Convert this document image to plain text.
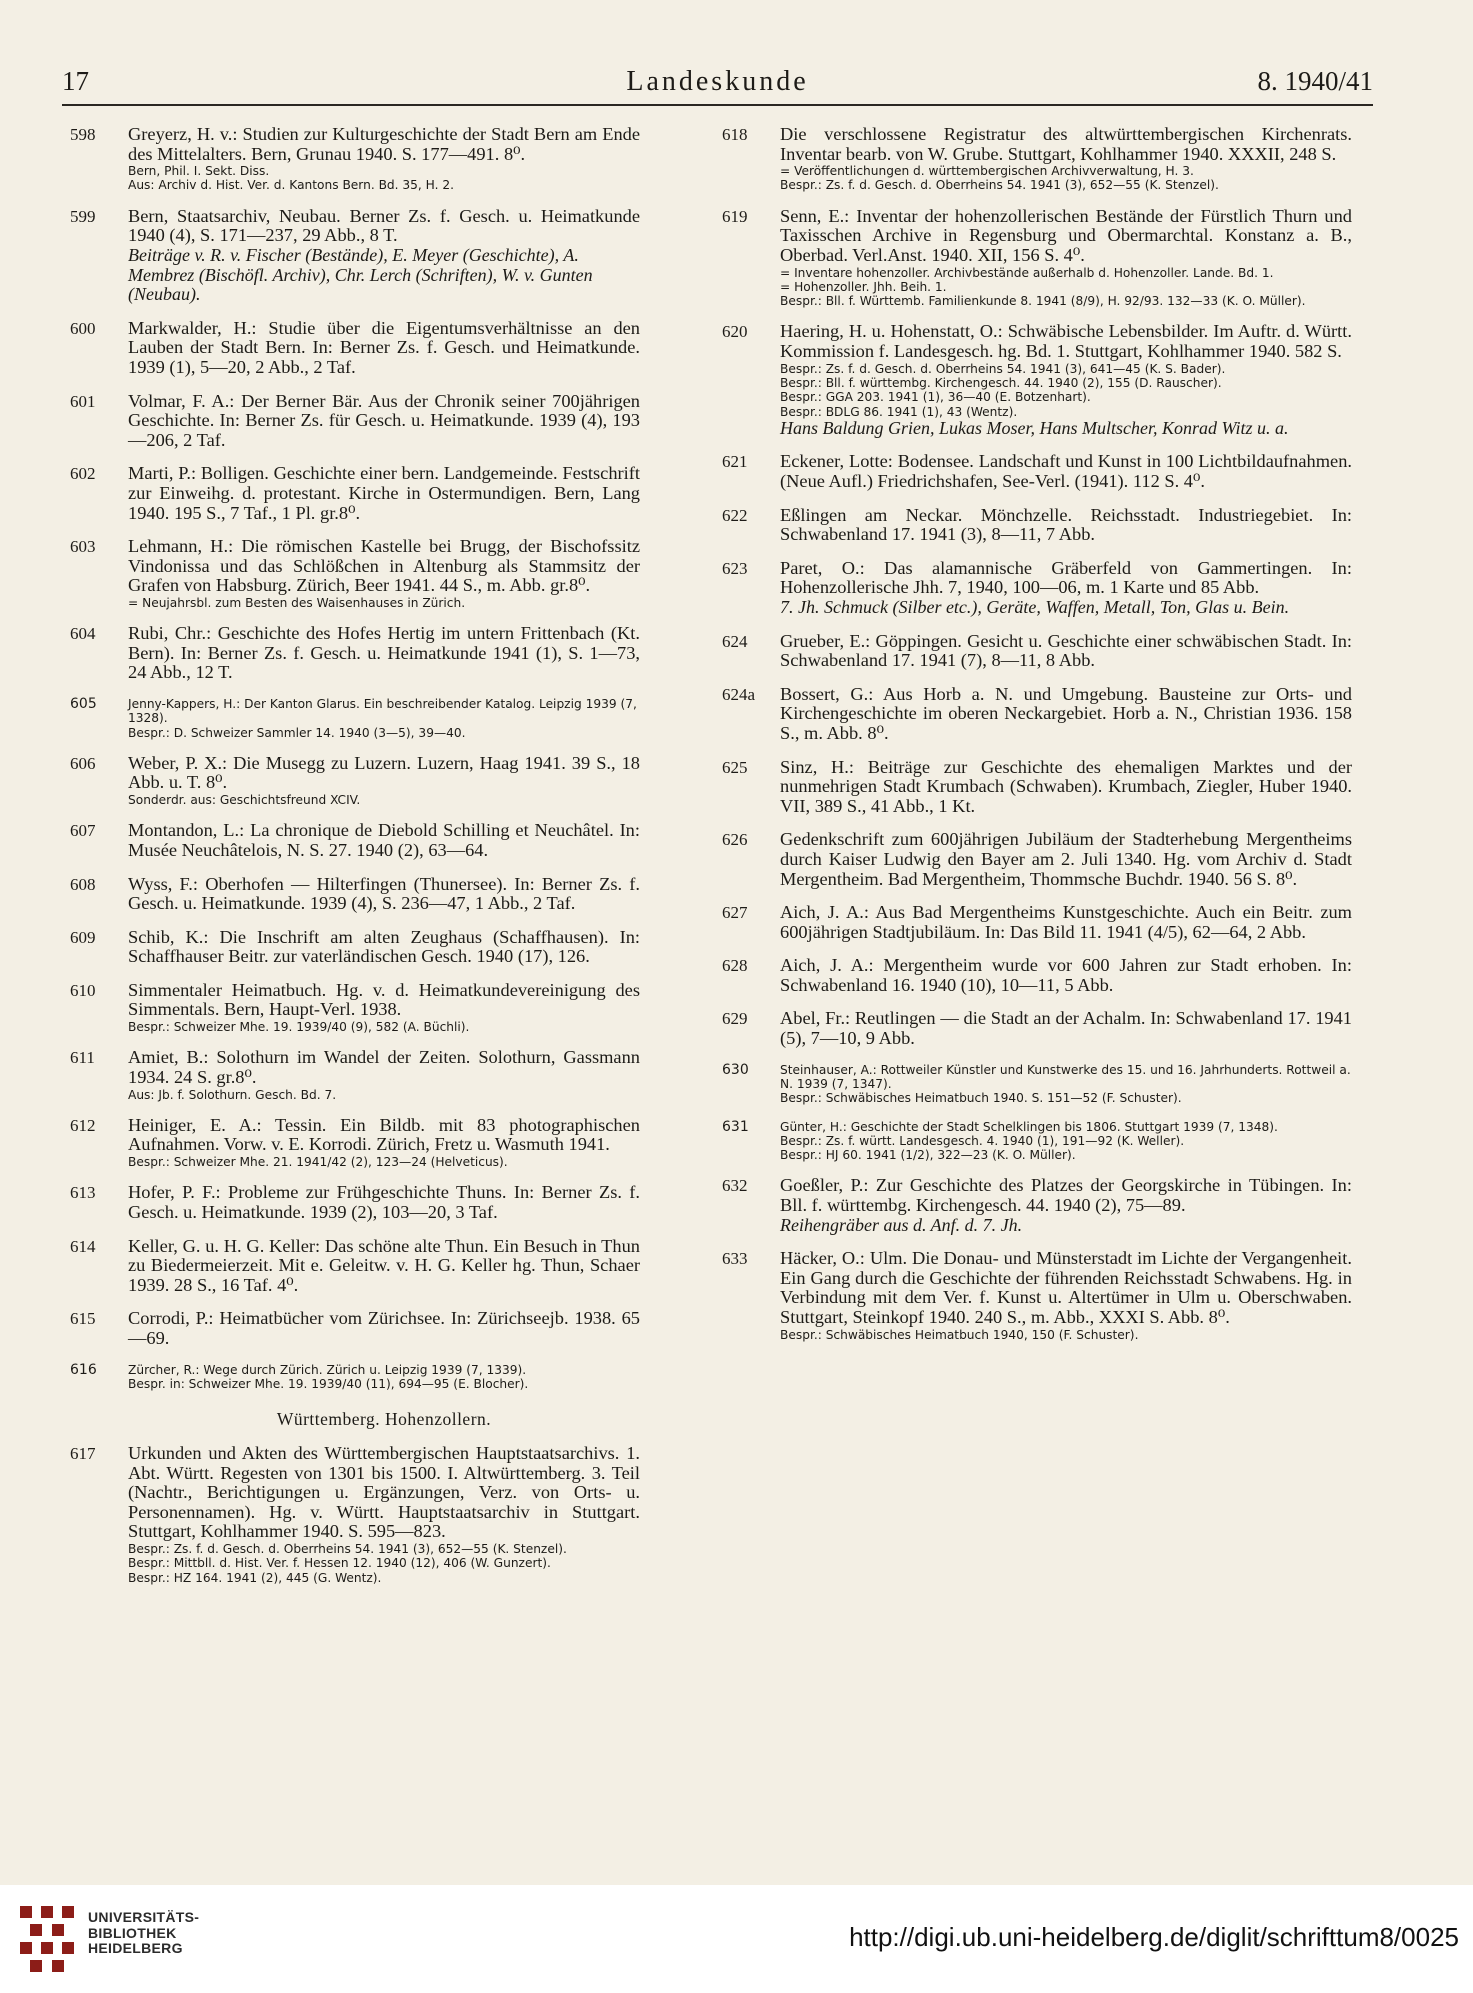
17	Landeskunde	8. 1940/41
598 Greyerz, H. v.: Studien zur Kulturgeschichte der Stadt Bern am Ende des Mittelalters. Bern, Grunau 1940. S. 177—491. 8⁰.
Bern, Phil. I. Sekt. Diss.
Aus: Archiv d. Hist. Ver. d. Kantons Bern. Bd. 35, H. 2.
599 Bern, Staatsarchiv, Neubau. Berner Zs. f. Gesch. u. Heimatkunde 1940 (4), S. 171—237, 29 Abb., 8 T.
Beiträge v. R. v. Fischer (Bestände), E. Meyer (Geschichte), A. Membrez (Bischöfl. Archiv), Chr. Lerch (Schriften), W. v. Gunten (Neubau).
600 Markwalder, H.: Studie über die Eigentumsverhältnisse an den Lauben der Stadt Bern. In: Berner Zs. f. Gesch. und Heimatkunde. 1939 (1), 5—20, 2 Abb., 2 Taf.
601 Volmar, F. A.: Der Berner Bär. Aus der Chronik seiner 700jährigen Geschichte. In: Berner Zs. für Gesch. u. Heimatkunde. 1939 (4), 193—206, 2 Taf.
602 Marti, P.: Bolligen. Geschichte einer bern. Landgemeinde. Festschrift zur Einweihg. d. protestant. Kirche in Ostermundigen. Bern, Lang 1940. 195 S., 7 Taf., 1 Pl. gr.8⁰.
603 Lehmann, H.: Die römischen Kastelle bei Brugg, der Bischofssitz Vindonissa und das Schlößchen in Altenburg als Stammsitz der Grafen von Habsburg. Zürich, Beer 1941. 44 S., m. Abb. gr.8⁰.
= Neujahrsbl. zum Besten des Waisenhauses in Zürich.
604 Rubi, Chr.: Geschichte des Hofes Hertig im untern Frittenbach (Kt. Bern). In: Berner Zs. f. Gesch. u. Heimatkunde 1941 (1), S. 1—73, 24 Abb., 12 T.
605	Jenny-Kappers, H.: Der Kanton Glarus. Ein beschreibender Katalog. Leipzig 1939 (7, 1328).
Bespr.: D. Schweizer Sammler 14. 1940 (3—5), 39—40.
606 Weber, P. X.: Die Musegg zu Luzern. Luzern, Haag 1941. 39 S., 18 Abb. u. T. 8⁰.
Sonderdr. aus: Geschichtsfreund XCIV.
607 Montandon, L.: La chronique de Diebold Schilling et Neuchâtel. In: Musée Neuchâtelois, N. S. 27. 1940 (2), 63—64.
608 Wyss, F.: Oberhofen — Hilterfingen (Thunersee). In: Berner Zs. f. Gesch. u. Heimatkunde. 1939 (4), S. 236—47, 1 Abb., 2 Taf.
609 Schib, K.: Die Inschrift am alten Zeughaus (Schaffhausen). In: Schaffhauser Beitr. zur vaterländischen Gesch. 1940 (17), 126.
610 Simmentaler Heimatbuch. Hg. v. d. Heimatkundevereinigung des Simmentals. Bern, Haupt-Verl. 1938.
Bespr.: Schweizer Mhe. 19. 1939/40 (9), 582 (A. Büchli).
611 Amiet, B.: Solothurn im Wandel der Zeiten. Solothurn, Gassmann 1934. 24 S. gr.8⁰.
Aus: Jb. f. Solothurn. Gesch. Bd. 7.
612 Heiniger, E. A.: Tessin. Ein Bildb. mit 83 photographischen Aufnahmen. Vorw. v. E. Korrodi. Zürich, Fretz u. Wasmuth 1941.
Bespr.: Schweizer Mhe. 21. 1941/42 (2), 123—24 (Helveticus).
613 Hofer, P. F.: Probleme zur Frühgeschichte Thuns. In: Berner Zs. f. Gesch. u. Heimatkunde. 1939 (2), 103—20, 3 Taf.
614 Keller, G. u. H. G. Keller: Das schöne alte Thun. Ein Besuch in Thun zu Biedermeierzeit. Mit e. Geleitw. v. H. G. Keller hg. Thun, Schaer 1939. 28 S., 16 Taf. 4⁰.
615 Corrodi, P.: Heimatbücher vom Zürichsee. In: Zürichseejb. 1938. 65—69.
616	Zürcher, R.: Wege durch Zürich. Zürich u. Leipzig 1939 (7, 1339).
Bespr. in: Schweizer Mhe. 19. 1939/40 (11), 694—95 (E. Blocher).
Württemberg. Hohenzollern.
617 Urkunden und Akten des Württembergischen Hauptstaatsarchivs. 1. Abt. Württ. Regesten von 1301 bis 1500. I. Altwürttemberg. 3. Teil (Nachtr., Berichtigungen u. Ergänzungen, Verz. von Orts- u. Personennamen). Hg. v. Württ. Hauptstaatsarchiv in Stuttgart. Stuttgart, Kohlhammer 1940. S. 595—823.
Bespr.: Zs. f. d. Gesch. d. Oberrheins 54. 1941 (3), 652—55 (K. Stenzel).
Bespr.: Mittbll. d. Hist. Ver. f. Hessen 12. 1940 (12), 406 (W. Gunzert).
Bespr.: HZ 164. 1941 (2), 445 (G. Wentz).
618 Die verschlossene Registratur des altwürttembergischen Kirchenrats. Inventar bearb. von W. Grube. Stuttgart, Kohlhammer 1940. XXXII, 248 S.
= Veröffentlichungen d. württembergischen Archivverwaltung, H. 3.
Bespr.: Zs. f. d. Gesch. d. Oberrheins 54. 1941 (3), 652—55 (K. Stenzel).
619 Senn, E.: Inventar der hohenzollerischen Bestände der Fürstlich Thurn und Taxisschen Archive in Regensburg und Obermarchtal. Konstanz a. B., Oberbad. Verl.Anst. 1940. XII, 156 S. 4⁰.
= Inventare hohenzoller. Archivbestände außerhalb d. Hohenzoller. Lande. Bd. 1.
= Hohenzoller. Jhh. Beih. 1.
Bespr.: Bll. f. Württemb. Familienkunde 8. 1941 (8/9), H. 92/93. 132—33 (K. O. Müller).
620 Haering, H. u. Hohenstatt, O.: Schwäbische Lebensbilder. Im Auftr. d. Württ. Kommission f. Landesgesch. hg. Bd. 1. Stuttgart, Kohlhammer 1940. 582 S.
Bespr.: Zs. f. d. Gesch. d. Oberrheins 54. 1941 (3), 641—45 (K. S. Bader).
Bespr.: Bll. f. württembg. Kirchengesch. 44. 1940 (2), 155 (D. Rauscher).
Bespr.: GGA 203. 1941 (1), 36—40 (E. Botzenhart).
Bespr.: BDLG 86. 1941 (1), 43 (Wentz).
Hans Baldung Grien, Lukas Moser, Hans Multscher, Konrad Witz u. a.
621 Eckener, Lotte: Bodensee. Landschaft und Kunst in 100 Lichtbildaufnahmen. (Neue Aufl.) Friedrichshafen, See-Verl. (1941). 112 S. 4⁰.
622 Eßlingen am Neckar. Mönchzelle. Reichsstadt. Industriegebiet. In: Schwabenland 17. 1941 (3), 8—11, 7 Abb.
623 Paret, O.: Das alamannische Gräberfeld von Gammertingen. In: Hohenzollerische Jhh. 7, 1940, 100—06, m. 1 Karte und 85 Abb.
7. Jh. Schmuck (Silber etc.), Geräte, Waffen, Metall, Ton, Glas u. Bein.
624 Grueber, E.: Göppingen. Gesicht u. Geschichte einer schwäbischen Stadt. In: Schwabenland 17. 1941 (7), 8—11, 8 Abb.
624a Bossert, G.: Aus Horb a. N. und Umgebung. Bausteine zur Orts- und Kirchengeschichte im oberen Neckargebiet. Horb a. N., Christian 1936. 158 S., m. Abb. 8⁰.
625 Sinz, H.: Beiträge zur Geschichte des ehemaligen Marktes und der nunmehrigen Stadt Krumbach (Schwaben). Krumbach, Ziegler, Huber 1940. VII, 389 S., 41 Abb., 1 Kt.
626 Gedenkschrift zum 600jährigen Jubiläum der Stadterhebung Mergentheims durch Kaiser Ludwig den Bayer am 2. Juli 1340. Hg. vom Archiv d. Stadt Mergentheim. Bad Mergentheim, Thommsche Buchdr. 1940. 56 S. 8⁰.
627 Aich, J. A.: Aus Bad Mergentheims Kunstgeschichte. Auch ein Beitr. zum 600jährigen Stadtjubiläum. In: Das Bild 11. 1941 (4/5), 62—64, 2 Abb.
628 Aich, J. A.: Mergentheim wurde vor 600 Jahren zur Stadt erhoben. In: Schwabenland 16. 1940 (10), 10—11, 5 Abb.
629 Abel, Fr.: Reutlingen — die Stadt an der Achalm. In: Schwabenland 17. 1941 (5), 7—10, 9 Abb.
630	Steinhauser, A.: Rottweiler Künstler und Kunstwerke des 15. und 16. Jahrhunderts. Rottweil a. N. 1939 (7, 1347).
Bespr.: Schwäbisches Heimatbuch 1940. S. 151—52 (F. Schuster).
631	Günter, H.: Geschichte der Stadt Schelklingen bis 1806. Stuttgart 1939 (7, 1348).
Bespr.: Zs. f. württ. Landesgesch. 4. 1940 (1), 191—92 (K. Weller).
Bespr.: HJ 60. 1941 (1/2), 322—23 (K. O. Müller).
632 Goeßler, P.: Zur Geschichte des Platzes der Georgskirche in Tübingen. In: Bll. f. württembg. Kirchengesch. 44. 1940 (2), 75—89.
Reihengräber aus d. Anf. d. 7. Jh.
633 Häcker, O.: Ulm. Die Donau- und Münsterstadt im Lichte der Vergangenheit. Ein Gang durch die Geschichte der führenden Reichsstadt Schwabens. Hg. in Verbindung mit dem Ver. f. Kunst u. Altertümer in Ulm u. Oberschwaben. Stuttgart, Steinkopf 1940. 240 S., m. Abb., XXXI S. Abb. 8⁰.
Bespr.: Schwäbisches Heimatbuch 1940, 150 (F. Schuster).
UNIVERSITÄTS-
BIBLIOTHEK
HEIDELBERG	http://digi.ub.uni-heidelberg.de/diglit/schrifttum8/0025
